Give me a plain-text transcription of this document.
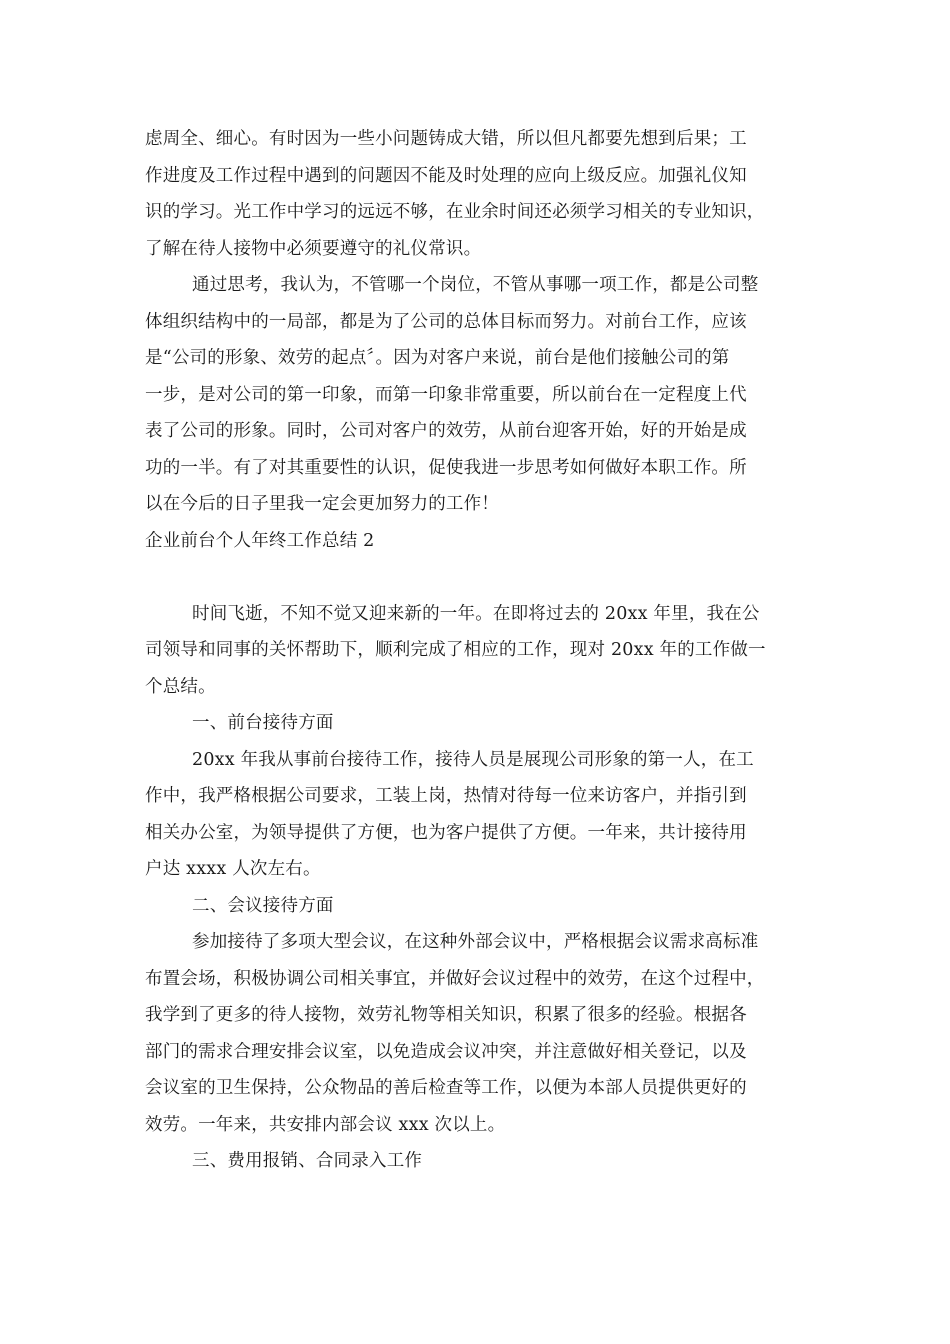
虑周全、细心。有时因为一些小问题铸成大错，所以但凡都要先想到后果；工
作进度及工作过程中遇到的问题因不能及时处理的应向上级反应。加强礼仪知
识的学习。光工作中学习的远远不够，在业余时间还必须学习相关的专业知识，
了解在待人接物中必须要遵守的礼仪常识。
通过思考，我认为，不管哪一个岗位，不管从事哪一项工作，都是公司整
体组织结构中的一局部，都是为了公司的总体目标而努力。对前台工作，应该
是“公司的形象、效劳的起点〞。因为对客户来说，前台是他们接触公司的第
一步，是对公司的第一印象，而第一印象非常重要，所以前台在一定程度上代
表了公司的形象。同时，公司对客户的效劳，从前台迎客开始，好的开始是成
功的一半。有了对其重要性的认识，促使我进一步思考如何做好本职工作。所
以在今后的日子里我一定会更加努力的工作！
企业前台个人年终工作总结 2
时间飞逝，不知不觉又迎来新的一年。在即将过去的 20xx 年里，我在公
司领导和同事的关怀帮助下，顺利完成了相应的工作，现对 20xx 年的工作做一
个总结。
一、前台接待方面
20xx 年我从事前台接待工作，接待人员是展现公司形象的第一人，在工
作中，我严格根据公司要求，工装上岗，热情对待每一位来访客户，并指引到
相关办公室，为领导提供了方便，也为客户提供了方便。一年来，共计接待用
户达 xxxx 人次左右。
二、会议接待方面
参加接待了多项大型会议，在这种外部会议中，严格根据会议需求高标准
布置会场，积极协调公司相关事宜，并做好会议过程中的效劳，在这个过程中，
我学到了更多的待人接物，效劳礼物等相关知识，积累了很多的经验。根据各
部门的需求合理安排会议室，以免造成会议冲突，并注意做好相关登记，以及
会议室的卫生保持，公众物品的善后检查等工作，以便为本部人员提供更好的
效劳。一年来，共安排内部会议 xxx 次以上。
三、费用报销、合同录入工作
